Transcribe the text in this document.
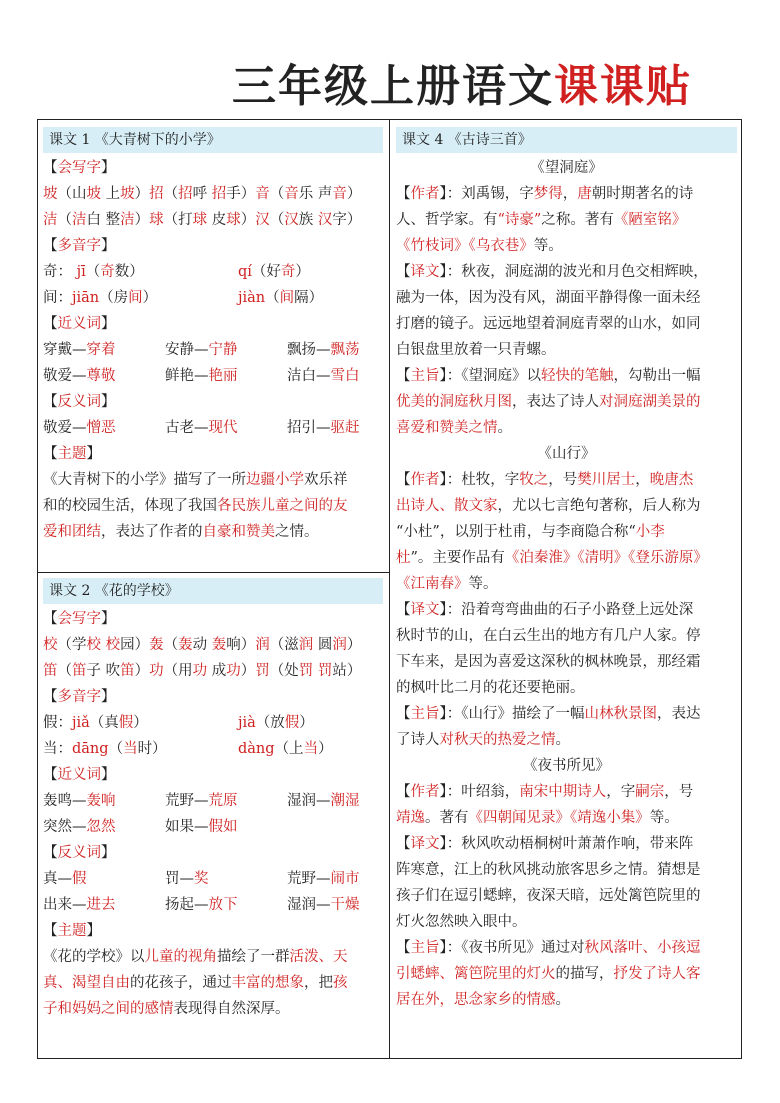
三年级上册语文课课贴
课文 1 《大青树下的小学》
【会写字】
坡（山坡 上坡）招（招呼 招手）音（音乐 声音）
洁（洁白 整洁）球（打球 皮球）汉（汉族 汉字）
【多音字】
奇： jī（奇数）	qí（好奇）
间：jiān（房间）	jiàn（间隔）
【近义词】
穿戴—穿着	安静—宁静	飘扬—飘荡
敬爱—尊敬	鲜艳—艳丽	洁白—雪白
【反义词】
敬爱—憎恶	古老—现代	招引—驱赶
【主题】
《大青树下的小学》描写了一所边疆小学欢乐祥
和的校园生活，体现了我国各民族儿童之间的友
爱和团结，表达了作者的自豪和赞美之情。
课文 2 《花的学校》
【会写字】
校（学校 校园）轰（轰动 轰响）润（滋润 圆润）
笛（笛子 吹笛）功（用功 成功）罚（处罚 罚站）
【多音字】
假：jiǎ（真假）	jià（放假）
当：dāng（当时）	dàng（上当）
【近义词】
轰鸣—轰响	荒野—荒原	湿润—潮湿
突然—忽然	如果—假如
【反义词】
真—假	罚—奖	荒野—闹市
出来—进去	扬起—放下	湿润—干燥
【主题】
《花的学校》以儿童的视角描绘了一群活泼、天
真、渴望自由的花孩子，通过丰富的想象，把孩
子和妈妈之间的感情表现得自然深厚。
课文 4 《古诗三首》
《望洞庭》
【作者】：刘禹锡，字梦得，唐朝时期著名的诗
人、哲学家。有“诗豪”之称。著有《陋室铭》
《竹枝词》《乌衣巷》等。
【译文】：秋夜，洞庭湖的波光和月色交相辉映，
融为一体，因为没有风，湖面平静得像一面未经
打磨的镜子。远远地望着洞庭青翠的山水，如同
白银盘里放着一只青螺。
【主旨】：《望洞庭》以轻快的笔触，勾勒出一幅
优美的洞庭秋月图，表达了诗人对洞庭湖美景的
喜爱和赞美之情。
《山行》
【作者】：杜牧，字牧之，号樊川居士，晚唐杰
出诗人、散文家，尤以七言绝句著称，后人称为
“小杜”，以别于杜甫，与李商隐合称“小李
杜”。主要作品有《泊秦淮》《清明》《登乐游原》
《江南春》等。
【译文】：沿着弯弯曲曲的石子小路登上远处深
秋时节的山，在白云生出的地方有几户人家。停
下车来，是因为喜爱这深秋的枫林晚景，那经霜
的枫叶比二月的花还要艳丽。
【主旨】：《山行》描绘了一幅山林秋景图，表达
了诗人对秋天的热爱之情。
《夜书所见》
【作者】：叶绍翁，南宋中期诗人，字嗣宗，号
靖逸。著有《四朝闻见录》《靖逸小集》等。
【译文】：秋风吹动梧桐树叶萧萧作响，带来阵
阵寒意，江上的秋风挑动旅客思乡之情。猜想是
孩子们在逗引蟋蟀，夜深天暗，远处篱笆院里的
灯火忽然映入眼中。
【主旨】：《夜书所见》通过对秋风落叶、小孩逗
引蟋蟀、篱笆院里的灯火的描写，抒发了诗人客
居在外，思念家乡的情感。
